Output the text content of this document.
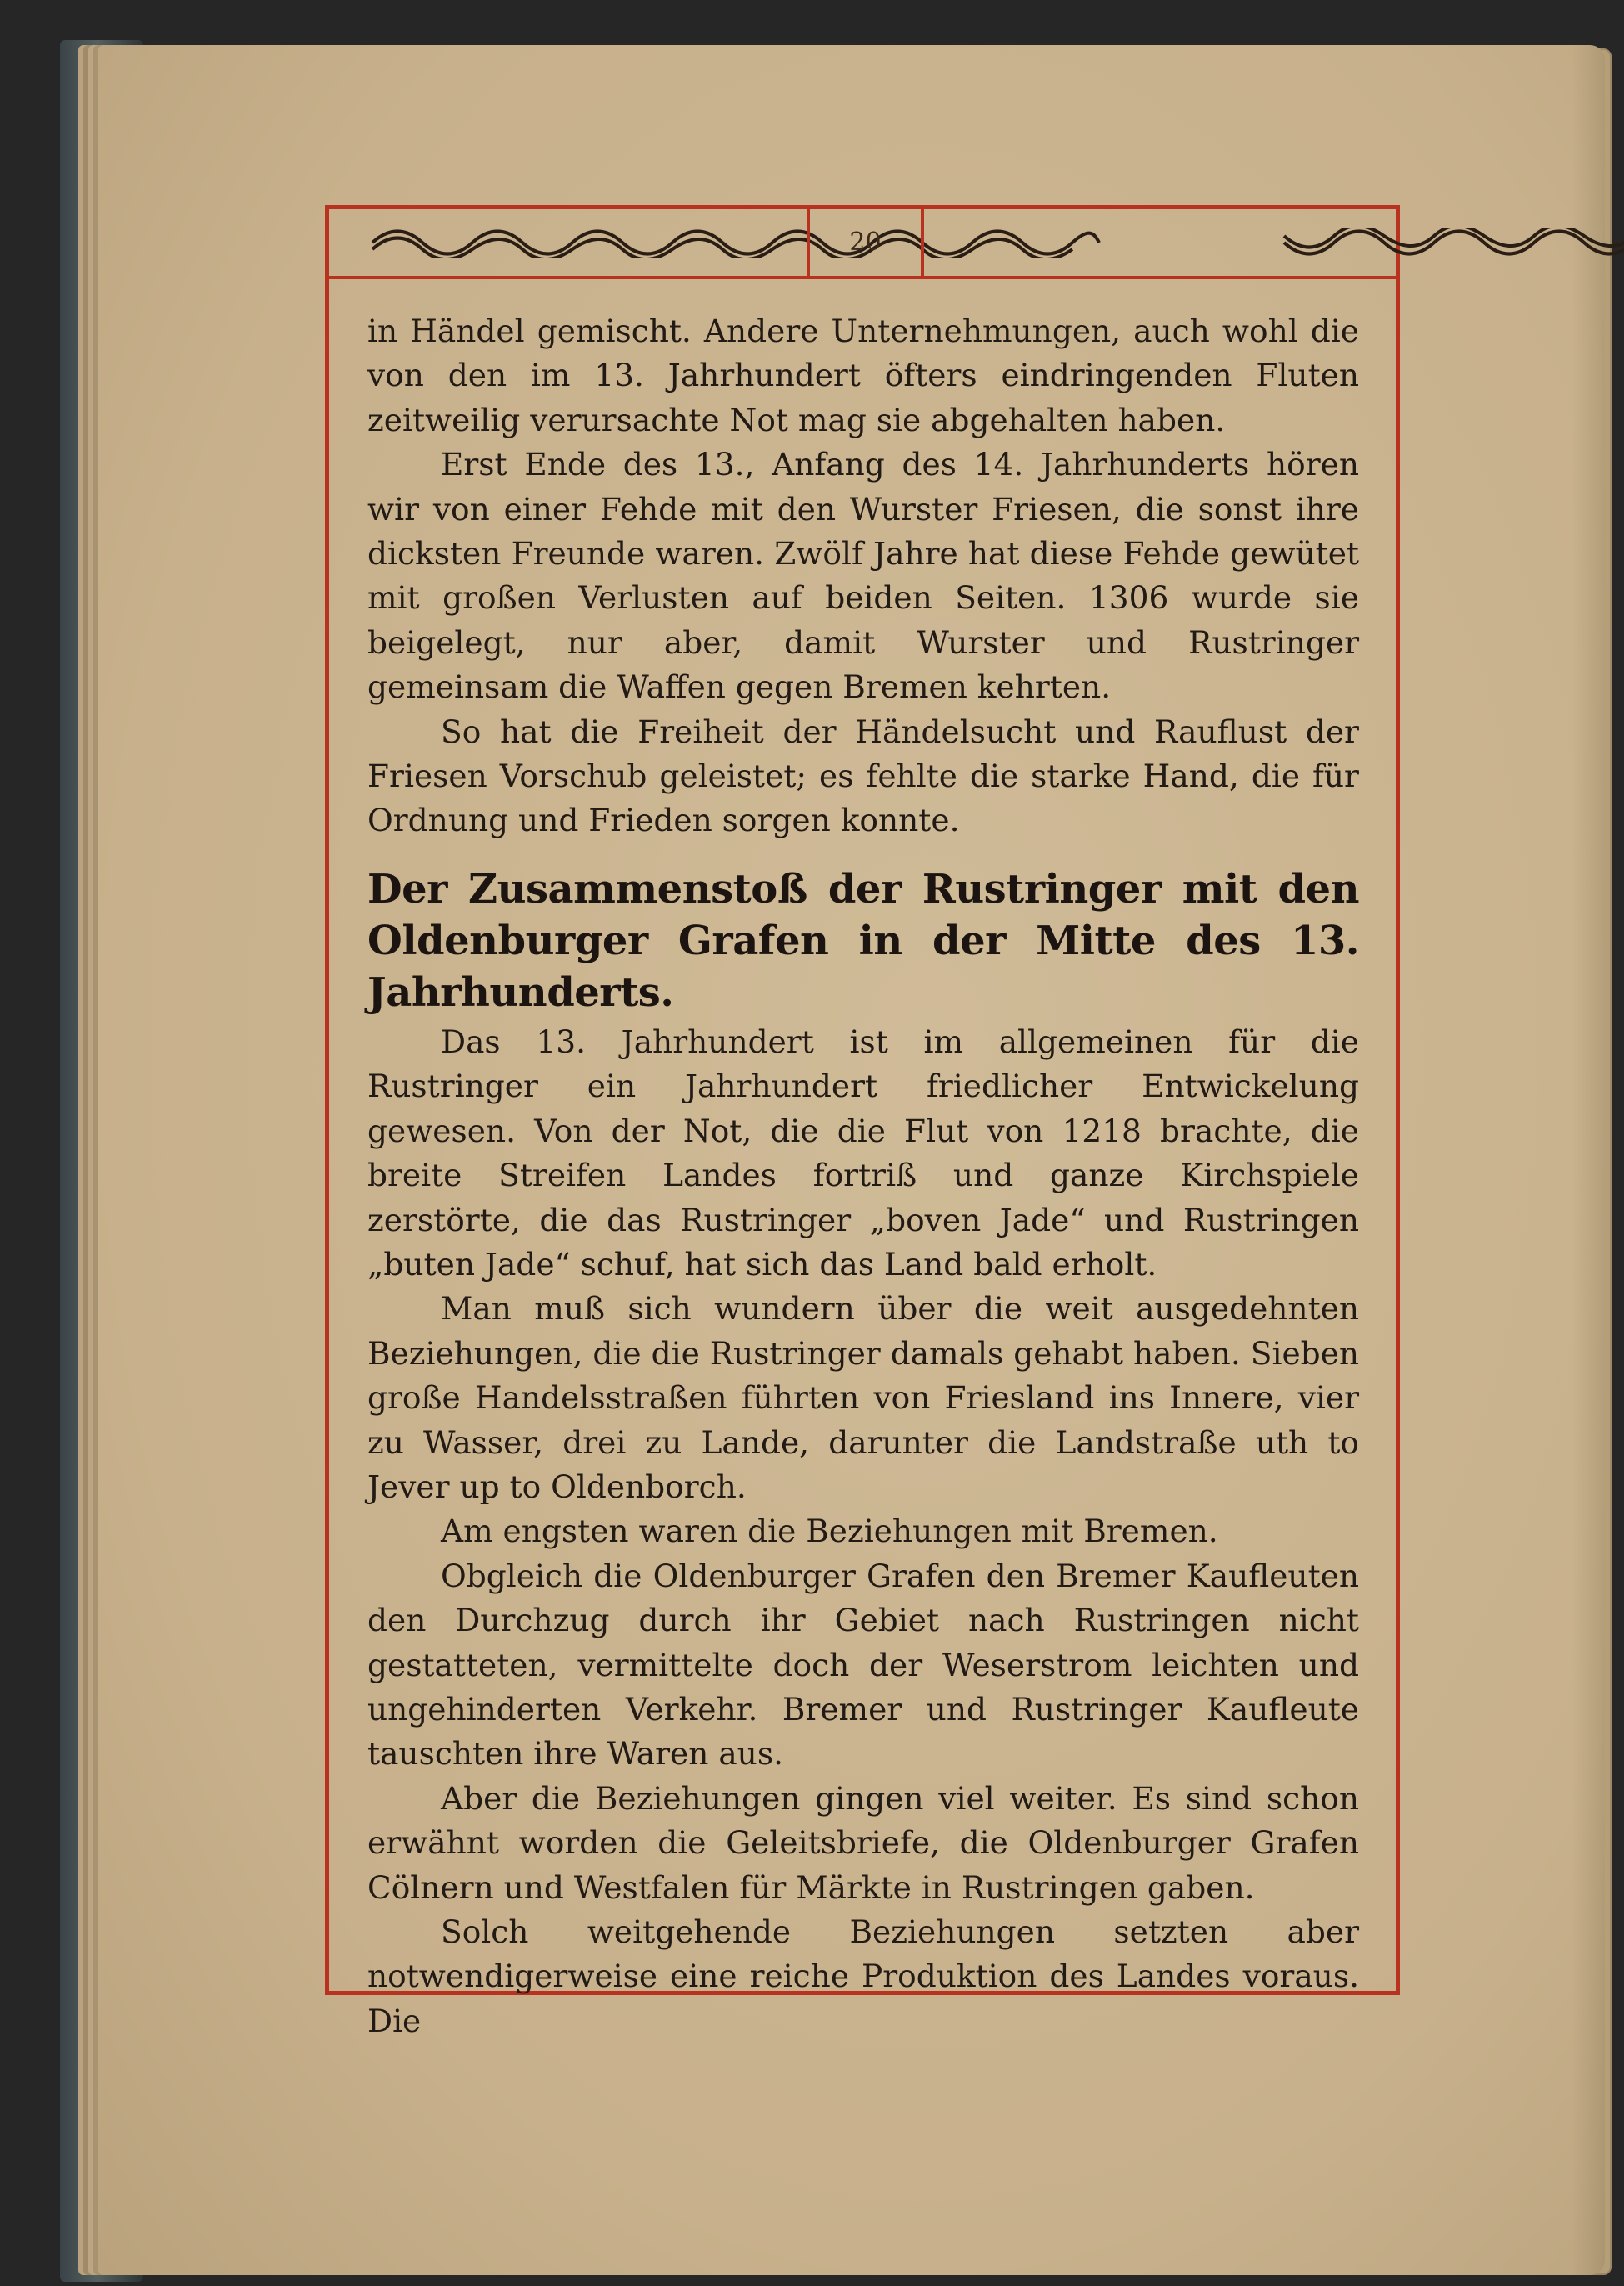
20

in Händel gemischt. Andere Unternehmungen, auch wohl die von den im 13. Jahrhundert öfters eindringenden Fluten zeitweilig verursachte Not mag sie abgehalten haben.

Erst Ende des 13., Anfang des 14. Jahrhunderts hören wir von einer Fehde mit den Wurster Friesen, die sonst ihre dicksten Freunde waren. Zwölf Jahre hat diese Fehde gewütet mit großen Verlusten auf beiden Seiten. 1306 wurde sie beigelegt, nur aber, damit Wurster und Rustringer gemeinsam die Waffen gegen Bremen kehrten.

So hat die Freiheit der Händelsucht und Rauflust der Friesen Vorschub geleistet; es fehlte die starke Hand, die für Ordnung und Frieden sorgen konnte.

Der Zusammenstoß der Rustringer mit den Oldenburger Grafen in der Mitte des 13. Jahrhunderts.

Das 13. Jahrhundert ist im allgemeinen für die Rustringer ein Jahrhundert friedlicher Entwickelung gewesen. Von der Not, die die Flut von 1218 brachte, die breite Streifen Landes fortriß und ganze Kirchspiele zerstörte, die das Rustringer „boven Jade“ und Rustringen „buten Jade“ schuf, hat sich das Land bald erholt.

Man muß sich wundern über die weit ausgedehnten Beziehungen, die die Rustringer damals gehabt haben. Sieben große Handelsstraßen führten von Friesland ins Innere, vier zu Wasser, drei zu Lande, darunter die Landstraße uth to Jever up to Oldenborch.

Am engsten waren die Beziehungen mit Bremen.

Obgleich die Oldenburger Grafen den Bremer Kaufleuten den Durchzug durch ihr Gebiet nach Rustringen nicht gestatteten, vermittelte doch der Weserstrom leichten und ungehinderten Verkehr. Bremer und Rustringer Kaufleute tauschten ihre Waren aus.

Aber die Beziehungen gingen viel weiter. Es sind schon erwähnt worden die Geleitsbriefe, die Oldenburger Grafen Cölnern und Westfalen für Märkte in Rustringen gaben.

Solch weitgehende Beziehungen setzten aber notwendigerweise eine reiche Produktion des Landes voraus. Die
